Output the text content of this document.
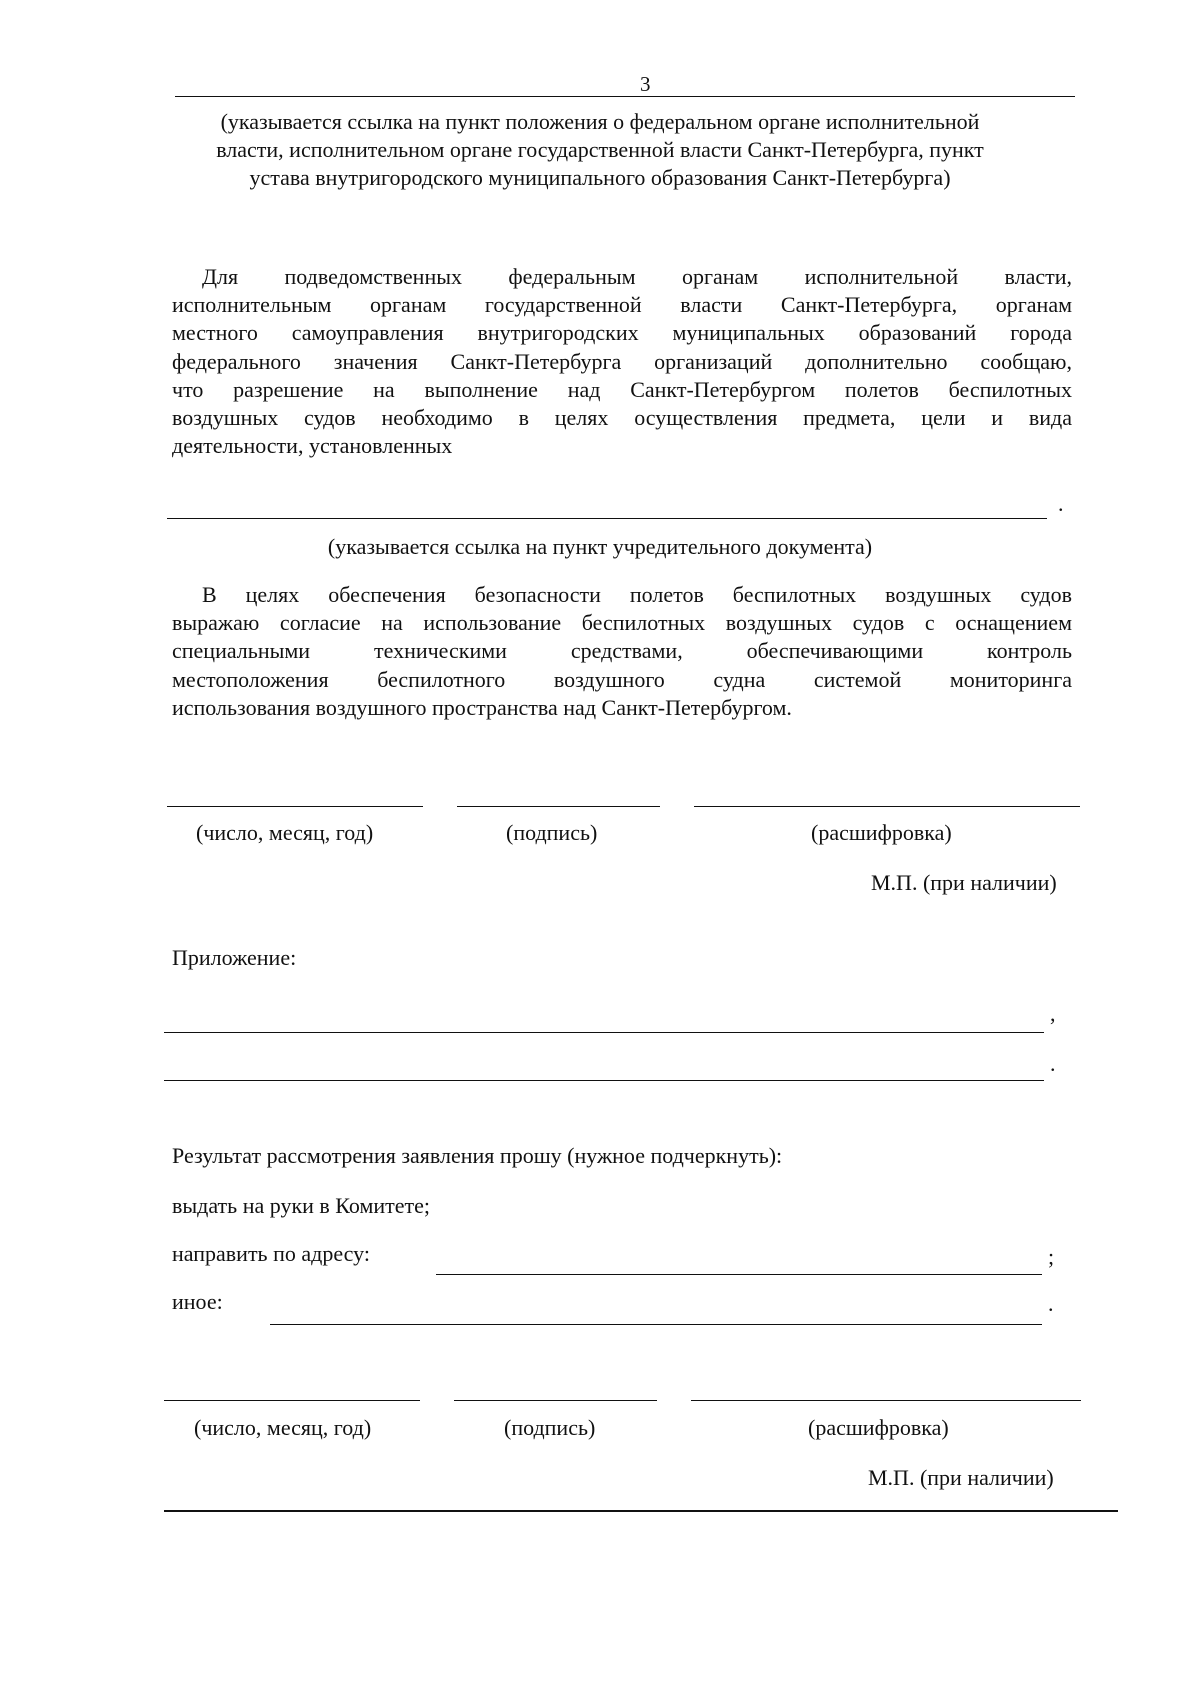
3
(указывается ссылка на пункт положения о федеральном органе исполнительной
власти, исполнительном органе государственной власти Санкт-Петербурга, пункт
устава внутригородского муниципального образования Санкт-Петербурга)
Для подведомственных федеральным органам исполнительной власти,
исполнительным органам государственной власти Санкт-Петербурга, органам
местного самоуправления внутригородских муниципальных образований города
федерального значения Санкт-Петербурга организаций дополнительно сообщаю,
что разрешение на выполнение над Санкт-Петербургом полетов беспилотных
воздушных судов необходимо в целях осуществления предмета, цели и вида
деятельности, установленных
.
(указывается ссылка на пункт учредительного документа)
В целях обеспечения безопасности полетов беспилотных воздушных судов
выражаю согласие на использование беспилотных воздушных судов с оснащением
специальными техническими средствами, обеспечивающими контроль
местоположения беспилотного воздушного судна системой мониторинга
использования воздушного пространства над Санкт-Петербургом.
(число, месяц, год)	(подпись)	(расшифровка)
М.П. (при наличии)
Приложение:
,
.
Результат рассмотрения заявления прошу (нужное подчеркнуть):
выдать на руки в Комитете;
направить по адресу:	;
иное:	.
(число, месяц, год)	(подпись)	(расшифровка)
М.П. (при наличии)
